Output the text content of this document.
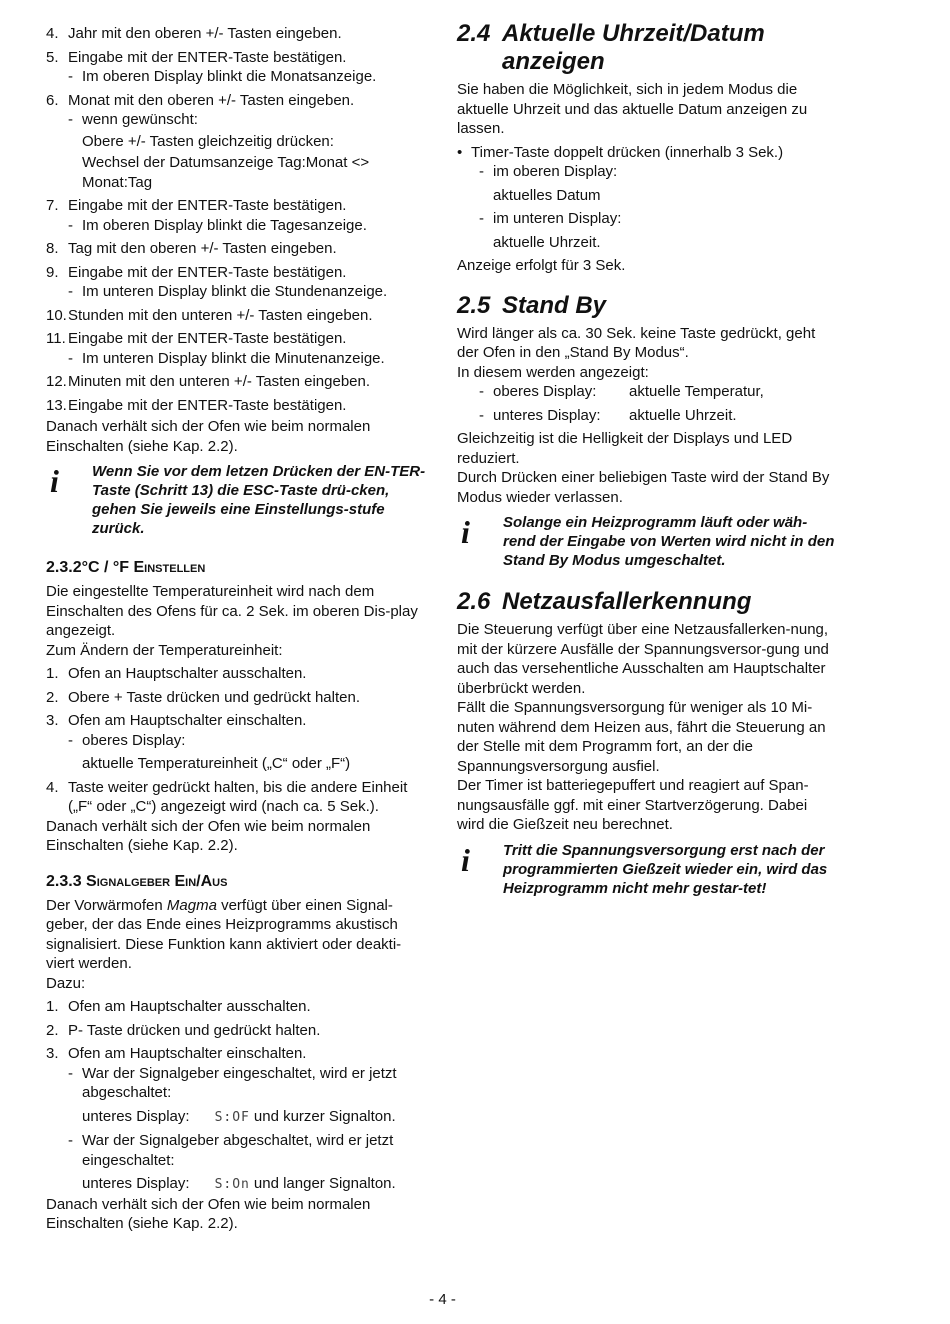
4. Jahr mit den oberen +/- Tasten eingeben.
5. Eingabe mit der ENTER-Taste bestätigen.
- Im oberen Display blinkt die Monatsanzeige.
6. Monat mit den oberen +/- Tasten eingeben.
- wenn gewünscht:
Obere +/- Tasten gleichzeitig drücken:
Wechsel der Datumsanzeige Tag:Monat <>
Monat:Tag
7. Eingabe mit der ENTER-Taste bestätigen.
- Im oberen Display blinkt die Tagesanzeige.
8. Tag mit den oberen +/- Tasten eingeben.
9. Eingabe mit der ENTER-Taste bestätigen.
- Im unteren Display blinkt die Stundenanzeige.
10. Stunden mit den unteren +/- Tasten eingeben.
11. Eingabe mit der ENTER-Taste bestätigen.
- Im unteren Display blinkt die Minutenanzeige.
12. Minuten mit den unteren +/- Tasten eingeben.
13. Eingabe mit der ENTER-Taste bestätigen.
Danach verhält sich der Ofen wie beim normalen Einschalten (siehe Kap. 2.2).
i	Wenn Sie vor dem letzen Drücken der EN-TER-Taste (Schritt 13) die ESC-Taste drü-cken, gehen Sie jeweils eine Einstellungs-stufe zurück.
2.3.2°C / °F Einstellen
Die eingestellte Temperatureinheit wird nach dem Einschalten des Ofens für ca. 2 Sek. im oberen Dis-play angezeigt.
Zum Ändern der Temperatureinheit:
1. Ofen an Hauptschalter ausschalten.
2. Obere + Taste drücken und gedrückt halten.
3. Ofen am Hauptschalter einschalten.
- oberes Display:
aktuelle Temperatureinheit („C“ oder „F“)
4. Taste weiter gedrückt halten, bis die andere Einheit („F“ oder „C“) angezeigt wird (nach ca. 5 Sek.).
Danach verhält sich der Ofen wie beim normalen Einschalten (siehe Kap. 2.2).
2.3.3 Signalgeber Ein/Aus
Der Vorwärmofen Magma verfügt über einen Signal-geber, der das Ende eines Heizprogramms akustisch signalisiert. Diese Funktion kann aktiviert oder deakti-viert werden.
Dazu:
1. Ofen am Hauptschalter ausschalten.
2. P- Taste drücken und gedrückt halten.
3. Ofen am Hauptschalter einschalten.
- War der Signalgeber eingeschaltet, wird er jetzt abgeschaltet:
unteres Display: S:OF und kurzer Signalton.
- War der Signalgeber abgeschaltet, wird er jetzt eingeschaltet:
unteres Display: S:On und langer Signalton.
Danach verhält sich der Ofen wie beim normalen Einschalten (siehe Kap. 2.2).
2.4 Aktuelle Uhrzeit/Datum
anzeigen
Sie haben die Möglichkeit, sich in jedem Modus die aktuelle Uhrzeit und das aktuelle Datum anzeigen zu lassen.
• Timer-Taste doppelt drücken (innerhalb 3 Sek.)
- im oberen Display:
aktuelles Datum
- im unteren Display:
aktuelle Uhrzeit.
Anzeige erfolgt für 3 Sek.
2.5 Stand By
Wird länger als ca. 30 Sek. keine Taste gedrückt, geht der Ofen in den „Stand By Modus“.
In diesem werden angezeigt:
- oberes Display: aktuelle Temperatur,
- unteres Display: aktuelle Uhrzeit.
Gleichzeitig ist die Helligkeit der Displays und LED reduziert.
Durch Drücken einer beliebigen Taste wird der Stand By Modus wieder verlassen.
i	Solange ein Heizprogramm läuft oder wäh-rend der Eingabe von Werten wird nicht in den Stand By Modus umgeschaltet.
2.6 Netzausfallerkennung
Die Steuerung verfügt über eine Netzausfallerken-nung, mit der kürzere Ausfälle der Spannungsversor-gung und auch das versehentliche Ausschalten am Hauptschalter überbrückt werden.
Fällt die Spannungsversorgung für weniger als 10 Mi-nuten während dem Heizen aus, fährt die Steuerung an der Stelle mit dem Programm fort, an der die Spannungsversorgung ausfiel.
Der Timer ist batteriegepuffert und reagiert auf Span-nungsausfälle ggf. mit einer Startverzögerung. Dabei wird die Gießzeit neu berechnet.
i	Tritt die Spannungsversorgung erst nach der programmierten Gießzeit wieder ein, wird das Heizprogramm nicht mehr gestar-tet!
- 4 -
